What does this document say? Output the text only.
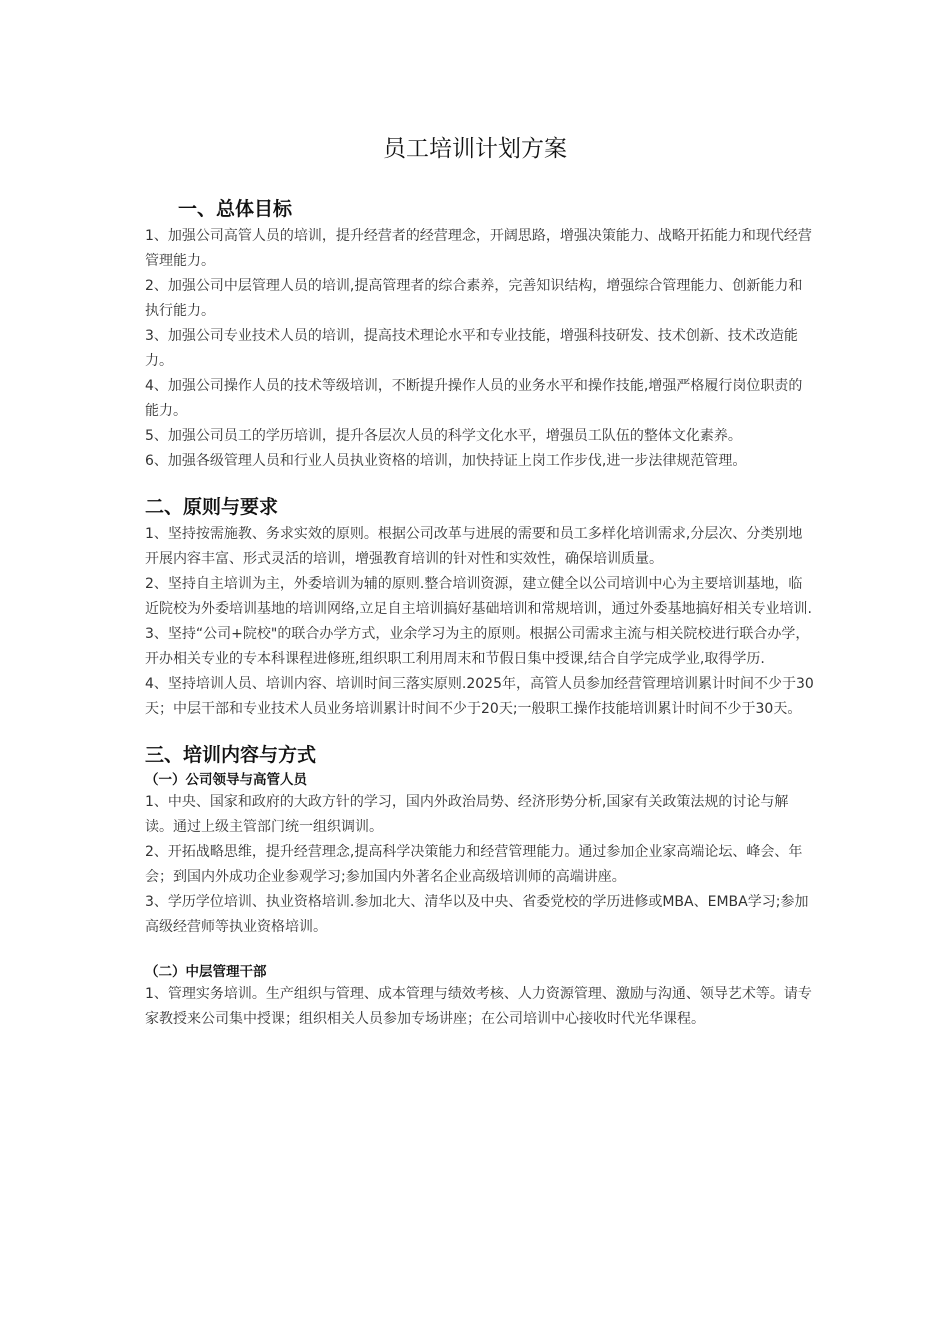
员工培训计划方案
一、总体目标

1、加强公司高管人员的培训，提升经营者的经营理念，开阔思路，增强决策能力、战略开拓能力和现代经营管理能力。

2、加强公司中层管理人员的培训,提高管理者的综合素养，完善知识结构，增强综合管理能力、创新能力和执行能力。

3、加强公司专业技术人员的培训，提高技术理论水平和专业技能，增强科技研发、技术创新、技术改造能力。

4、加强公司操作人员的技术等级培训，不断提升操作人员的业务水平和操作技能,增强严格履行岗位职责的能力。

5、加强公司员工的学历培训，提升各层次人员的科学文化水平，增强员工队伍的整体文化素养。

6、加强各级管理人员和行业人员执业资格的培训，加快持证上岗工作步伐,进一步法律规范管理。

二、原则与要求

1、坚持按需施教、务求实效的原则。根据公司改革与进展的需要和员工多样化培训需求,分层次、分类别地开展内容丰富、形式灵活的培训，增强教育培训的针对性和实效性，确保培训质量。

2、坚持自主培训为主，外委培训为辅的原则.整合培训资源，建立健全以公司培训中心为主要培训基地，临近院校为外委培训基地的培训网络,立足自主培训搞好基础培训和常规培训，通过外委基地搞好相关专业培训.

3、坚持“公司+院校"的联合办学方式，业余学习为主的原则。根据公司需求主流与相关院校进行联合办学，开办相关专业的专本科课程进修班,组织职工利用周末和节假日集中授课,结合自学完成学业,取得学历.

4、坚持培训人员、培训内容、培训时间三落实原则.2025年，高管人员参加经营管理培训累计时间不少于30天；中层干部和专业技术人员业务培训累计时间不少于20天;一般职工操作技能培训累计时间不少于30天。

三、培训内容与方式
（一）公司领导与高管人员

1、中央、国家和政府的大政方针的学习，国内外政治局势、经济形势分析,国家有关政策法规的讨论与解读。通过上级主管部门统一组织调训。

2、开拓战略思维，提升经营理念,提高科学决策能力和经营管理能力。通过参加企业家高端论坛、峰会、年会；到国内外成功企业参观学习;参加国内外著名企业高级培训师的高端讲座。

3、学历学位培训、执业资格培训.参加北大、清华以及中央、省委党校的学历进修或MBA、EMBA学习;参加高级经营师等执业资格培训。

（二）中层管理干部

1、管理实务培训。生产组织与管理、成本管理与绩效考核、人力资源管理、激励与沟通、领导艺术等。请专家教授来公司集中授课；组织相关人员参加专场讲座；在公司培训中心接收时代光华课程。
